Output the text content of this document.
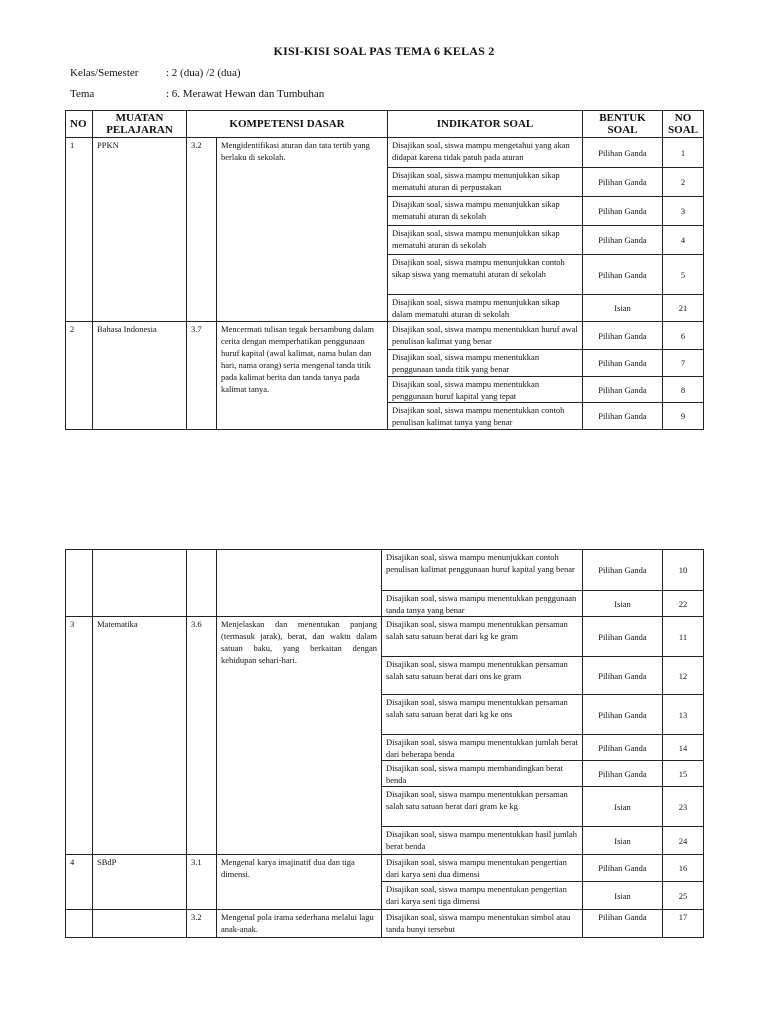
KISI-KISI SOAL PAS TEMA 6 KELAS 2
Kelas/Semester	: 2 (dua) /2 (dua)
Tema	: 6. Merawat Hewan dan Tumbuhan
NO	MUATAN PELAJARAN	KOMPETENSI DASAR		INDIKATOR SOAL	BENTUK SOAL	NO SOAL
1	PPKN	3.2	Mengidentifikasi aturan dan tata tertib yang berlaku di sekolah.	Disajikan soal, siswa mampu mengetahui yang akan didapat karena tidak patuh pada aturan	Pilihan Ganda	1
				Disajikan soal, siswa mampu menunjukkan sikap mematuhi aturan di perpustakan	Pilihan Ganda	2
				Disajikan soal, siswa mampu menunjukkan sikap mematuhi aturan di sekolah	Pilihan Ganda	3
				Disajikan soal, siswa mampu menunjukkan sikap mematuhi aturan di sekolah	Pilihan Ganda	4
				Disajikan soal, siswa mampu menunjukkan contoh sikap siswa yang mematuhi aturan di sekolah	Pilihan Ganda	5
				Disajikan soal, siswa mampu menunjukkan sikap dalam mematuhi aturan di sekolah	Isian	21
2	Bahasa Indonesia	3.7	Mencermati tulisan tegak bersambung dalam cerita dengan memperhatikan penggunaan huruf kapital (awal kalimat, nama bulan dan hari, nama orang) serta mengenal tanda titik pada kalimat berita dan tanda tanya pada kalimat tanya.	Disajikan soal, siswa mampu menentukkan huruf awal penulisan kalimat yang benar	Pilihan Ganda	6
				Disajikan soal, siswa mampu menentukkan penggunaan tanda titik yang benar	Pilihan Ganda	7
				Disajikan soal, siswa mampu menentukkan penggunaan huruf kapital yang tepat	Pilihan Ganda	8
				Disajikan soal, siswa mampu menentukkan contoh penulisan kalimat tanya yang benar	Pilihan Ganda	9
				Disajikan soal, siswa mampu menunjukkan contoh penulisan kalimat penggunaan huruf kapital yang benar	Pilihan Ganda	10
				Disajikan soal, siswa mampu menentukkan penggunaan tanda tanya yang benar	Isian	22
3	Matematika	3.6	Menjelaskan dan menentukan panjang (termasuk jarak), berat, dan waktu dalam satuan baku, yang berkaitan dengan kehidupan sehari-hari.	Disajikan soal, siswa mampu menentukkan persaman salah satu satuan berat dari kg ke gram	Pilihan Ganda	11
				Disajikan soal, siswa mampu menentukkan persaman salah satu satuan berat dari ons ke gram	Pilihan Ganda	12
				Disajikan soal, siswa mampu menentukkan persaman salah satu satuan berat dari kg ke ons	Pilihan Ganda	13
				Disajikan soal, siswa mampu menentukkan jumlah berat dari beberapa benda	Pilihan Ganda	14
				Disajikan soal, siswa mampu membandingkan berat benda	Pilihan Ganda	15
				Disajikan soal, siswa mampu menentukkan persaman salah satu satuan berat dari gram ke kg	Isian	23
				Disajikan soal, siswa mampu menentukkan hasil jumlah berat benda	Isian	24
4	SBdP	3.1	Mengenal karya imajinatif dua dan tiga dimensi.	Disajikan soal, siswa mampu menentukan pengertian dari karya seni dua dimensi	Pilihan Ganda	16
				Disajikan soal, siswa mampu menentukan pengertian dari karya seni tiga dimensi	Isian	25
		3.2	Mengenal pola irama sederhana melalui lagu anak-anak.	Disajikan soal, siswa mampu menentukan simbol atau tanda bunyi tersebut	Pilihan Ganda	17
